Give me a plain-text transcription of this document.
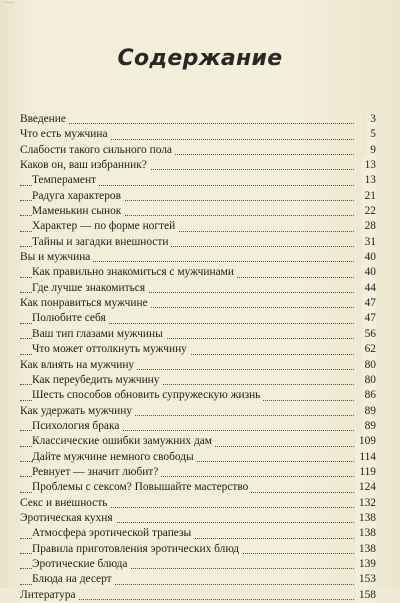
Содержание
Введение	3
Что есть мужчина	5
Слабости такого сильного пола	9
Каков он, ваш избранник?	13
Темперамент	13
Радуга характеров	21
Маменькин сынок	22
Характер — по форме ногтей	28
Тайны и загадки внешности	31
Вы и мужчина	40
Как правильно знакомиться с мужчинами	40
Где лучше знакомиться	44
Как понравиться мужчине	47
Полюбите себя	47
Ваш тип глазами мужчины	56
Что может оттолкнуть мужчину	62
Как влиять на мужчину	80
Как переубедить мужчину	80
Шесть способов обновить супружескую жизнь	86
Как удержать мужчину	89
Психология брака	89
Классические ошибки замужних дам	109
Дайте мужчине немного свободы	114
Ревнует — значит любит?	119
Проблемы с сексом? Повышайте мастерство	124
Секс и внешность	132
Эротическая кухня	138
Атмосфера эротической трапезы	138
Правила приготовления эротических блюд	138
Эротические блюда	139
Блюда на десерт	153
Литература	158
